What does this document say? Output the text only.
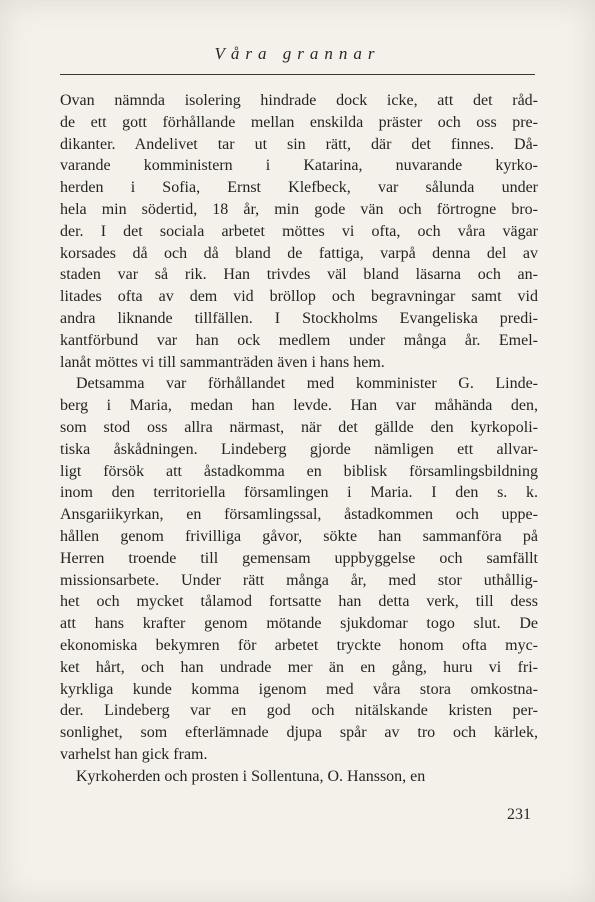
Våra grannar
Ovan nämnda isolering hindrade dock icke, att det råd-
de ett gott förhållande mellan enskilda präster och oss pre-
dikanter. Andelivet tar ut sin rätt, där det finnes. Då-
varande komministern i Katarina, nuvarande kyrko-
herden i Sofia, Ernst Klefbeck, var sålunda under
hela min södertid, 18 år, min gode vän och förtrogne bro-
der. I det sociala arbetet möttes vi ofta, och våra vägar
korsades då och då bland de fattiga, varpå denna del av
staden var så rik. Han trivdes väl bland läsarna och an-
litades ofta av dem vid bröllop och begravningar samt vid
andra liknande tillfällen. I Stockholms Evangeliska predi-
kantförbund var han ock medlem under många år. Emel-
lanåt möttes vi till sammanträden även i hans hem.
Detsamma var förhållandet med komminister G. Linde-
berg i Maria, medan han levde. Han var måhända den,
som stod oss allra närmast, när det gällde den kyrkopoli-
tiska åskådningen. Lindeberg gjorde nämligen ett allvar-
ligt försök att åstadkomma en biblisk församlingsbildning
inom den territoriella församlingen i Maria. I den s. k.
Ansgariikyrkan, en församlingssal, åstadkommen och uppe-
hållen genom frivilliga gåvor, sökte han sammanföra på
Herren troende till gemensam uppbyggelse och samfällt
missionsarbete. Under rätt många år, med stor uthållig-
het och mycket tålamod fortsatte han detta verk, till dess
att hans krafter genom mötande sjukdomar togo slut. De
ekonomiska bekymren för arbetet tryckte honom ofta myc-
ket hårt, och han undrade mer än en gång, huru vi fri-
kyrkliga kunde komma igenom med våra stora omkostna-
der. Lindeberg var en god och nitälskande kristen per-
sonlighet, som efterlämnade djupa spår av tro och kärlek,
varhelst han gick fram.
Kyrkoherden och prosten i Sollentuna, O. Hansson, en
231
